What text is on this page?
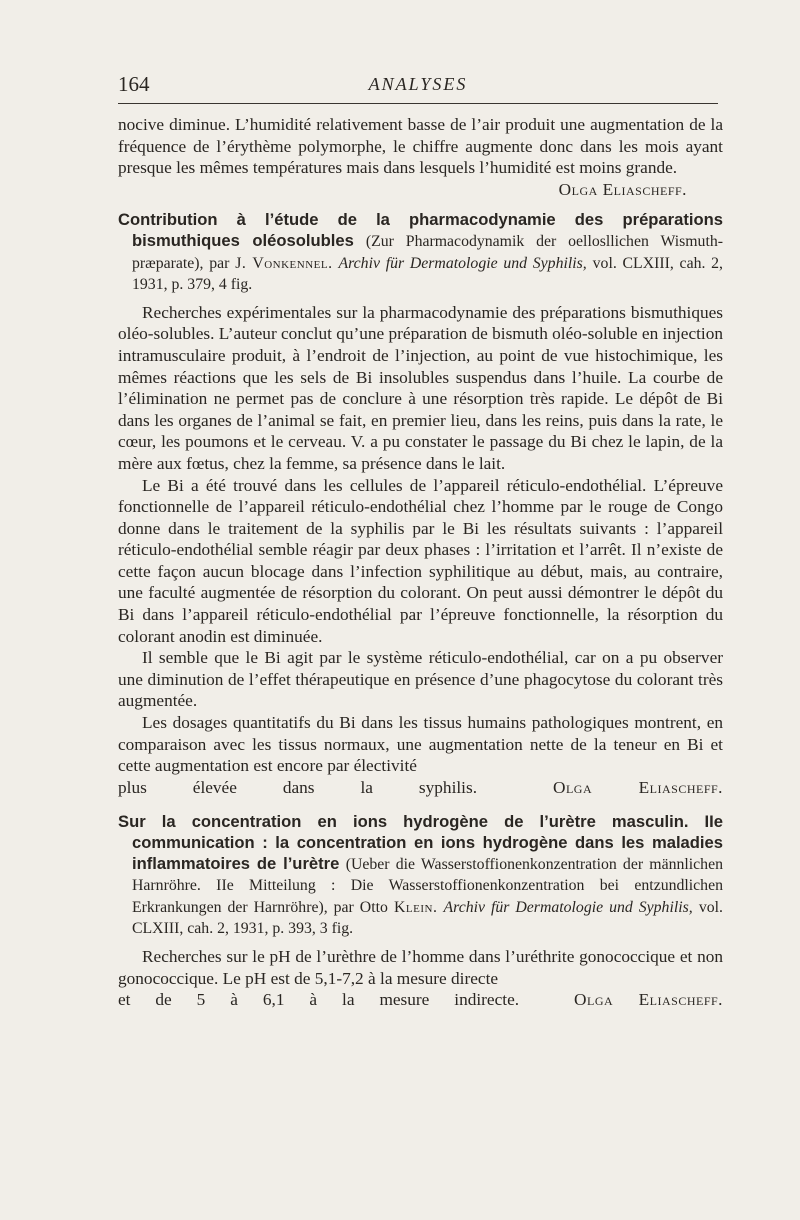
164	ANALYSES

nocive diminue. L’humidité relativement basse de l’air produit une augmentation de la fréquence de l’érythème polymorphe, le chiffre augmente donc dans les mois ayant presque les mêmes températures mais dans lesquels l’humidité est moins grande.

Olga Eliascheff.

Contribution à l’étude de la pharmacodynamie des préparations bismuthiques oléosolubles (Zur Pharmacodynamik der oellosllichen Wismuth-præparate), par J. Vonkennel. Archiv für Dermatologie und Syphilis, vol. CLXIII, cah. 2, 1931, p. 379, 4 fig.

Recherches expérimentales sur la pharmacodynamie des préparations bismuthiques oléo-solubles. L’auteur conclut qu’une préparation de bismuth oléo-soluble en injection intramusculaire produit, à l’endroit de l’injection, au point de vue histochimique, les mêmes réactions que les sels de Bi insolubles suspendus dans l’huile. La courbe de l’élimination ne permet pas de conclure à une résorption très rapide. Le dépôt de Bi dans les organes de l’animal se fait, en premier lieu, dans les reins, puis dans la rate, le cœur, les poumons et le cerveau. V. a pu constater le passage du Bi chez le lapin, de la mère aux fœtus, chez la femme, sa présence dans le lait.

Le Bi a été trouvé dans les cellules de l’appareil réticulo-endothélial. L’épreuve fonctionnelle de l’appareil réticulo-endothélial chez l’homme par le rouge de Congo donne dans le traitement de la syphilis par le Bi les résultats suivants : l’appareil réticulo-endothélial semble réagir par deux phases : l’irritation et l’arrêt. Il n’existe de cette façon aucun blocage dans l’infection syphilitique au début, mais, au contraire, une faculté augmentée de résorption du colorant. On peut aussi démontrer le dépôt du Bi dans l’appareil réticulo-endothélial par l’épreuve fonctionnelle, la résorption du colorant anodin est diminuée.

Il semble que le Bi agit par le système réticulo-endothélial, car on a pu observer une diminution de l’effet thérapeutique en présence d’une phagocytose du colorant très augmentée.

Les dosages quantitatifs du Bi dans les tissus humains pathologiques montrent, en comparaison avec les tissus normaux, une augmentation nette de la teneur en Bi et cette augmentation est encore par électivité

plus élevée dans la syphilis.	Olga Eliascheff.

Sur la concentration en ions hydrogène de l’urètre masculin. IIe communication : la concentration en ions hydrogène dans les maladies inflammatoires de l’urètre (Ueber die Wasserstoffionenkonzentration der männlichen Harnröhre. IIe Mitteilung : Die Wasserstoffionenkonzentration bei entzundlichen Erkrankungen der Harnröhre), par Otto Klein. Archiv für Dermatologie und Syphilis, vol. CLXIII, cah. 2, 1931, p. 393, 3 fig.

Recherches sur le pH de l’urèthre de l’homme dans l’uréthrite gonococcique et non gonococcique. Le pH est de 5,1-7,2 à la mesure directe

et de 5 à 6,1 à la mesure indirecte.	Olga Eliascheff.
